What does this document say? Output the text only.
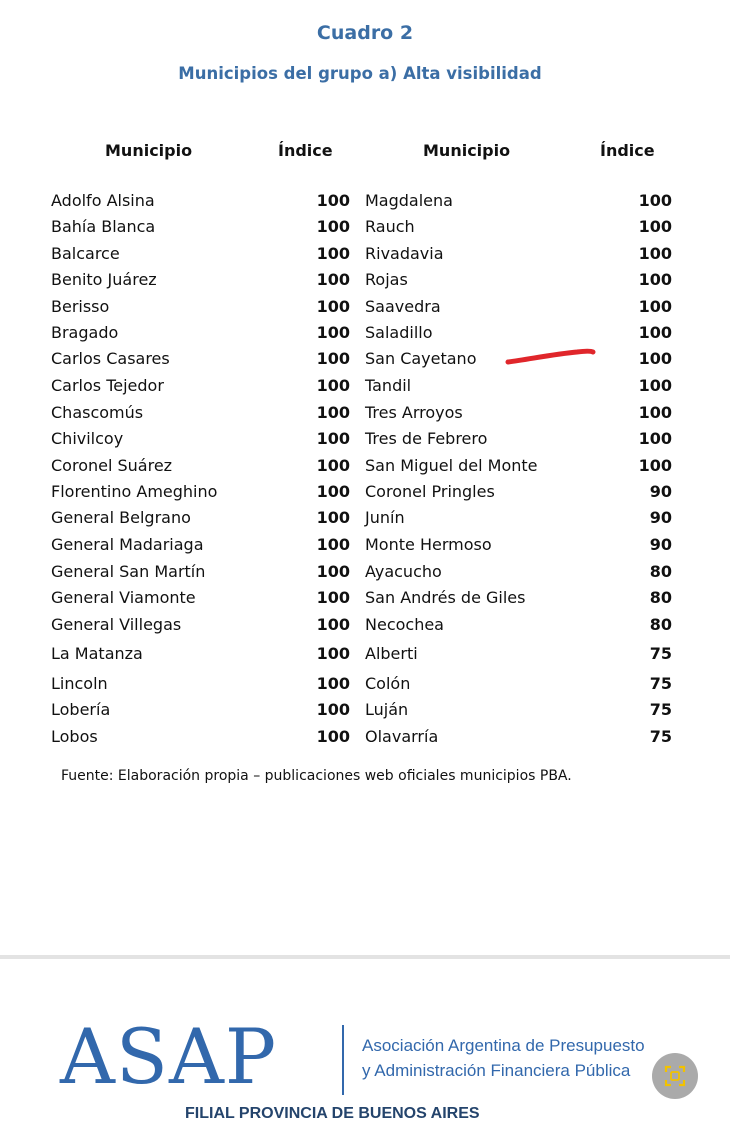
Cuadro 2
Municipios del grupo a) Alta visibilidad
Municipio	Índice	Municipio	Índice
Adolfo Alsina	100 Magdalena	100
Bahía Blanca	100 Rauch	100
Balcarce	100 Rivadavia	100
Benito Juárez	100 Rojas	100
Berisso	100 Saavedra	100
Bragado	100 Saladillo	100
Carlos Casares	100 San Cayetano	100
Carlos Tejedor	100 Tandil	100
Chascomús	100 Tres Arroyos	100
Chivilcoy	100 Tres de Febrero	100
Coronel Suárez	100 San Miguel del Monte	100
Florentino Ameghino	100 Coronel Pringles	90
General Belgrano	100 Junín	90
General Madariaga	100 Monte Hermoso	90
General San Martín	100 Ayacucho	80
General Viamonte	100 San Andrés de Giles	80
General Villegas	100 Necochea	80
La Matanza	100 Alberti	75
Lincoln	100 Colón	75
Lobería	100 Luján	75
Lobos	100 Olavarría	75
Fuente: Elaboración propia – publicaciones web oficiales municipios PBA.
ASAP	Asociación Argentina de Presupuesto
y Administración Financiera Pública
FILIAL PROVINCIA DE BUENOS AIRES
